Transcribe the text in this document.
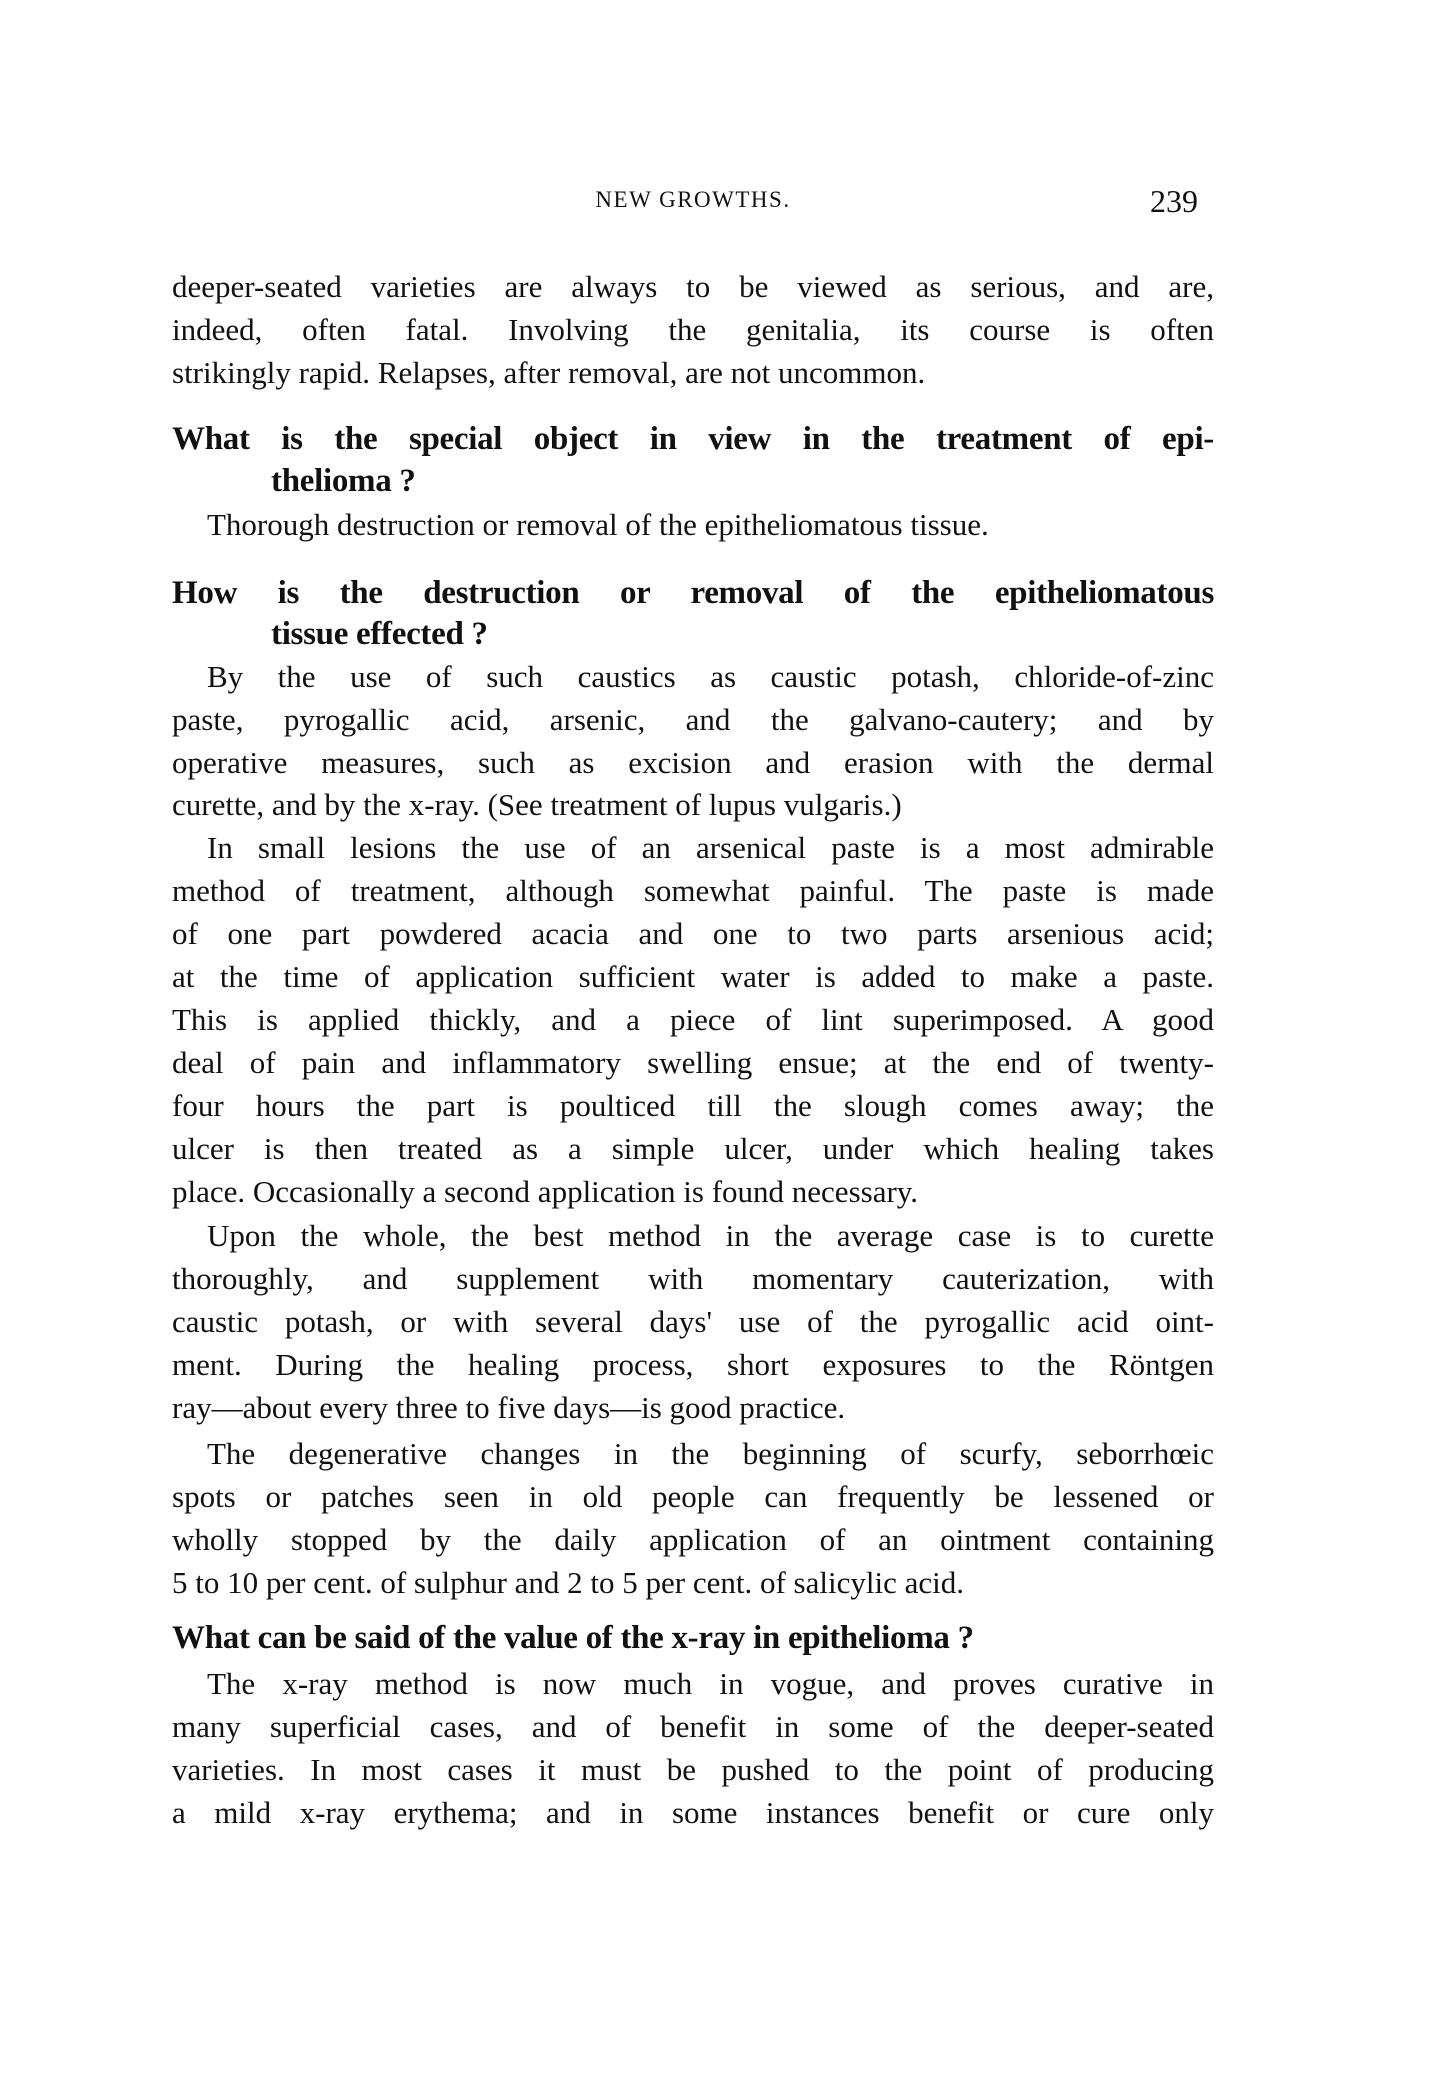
NEW GROWTHS.	239
deeper-seated varieties are always to be viewed as serious, and are,
indeed, often fatal. Involving the genitalia, its course is often
strikingly rapid. Relapses, after removal, are not uncommon.
What is the special object in view in the treatment of epi-
thelioma ?
Thorough destruction or removal of the epitheliomatous tissue.
How is the destruction or removal of the epitheliomatous
tissue effected ?
By the use of such caustics as caustic potash, chloride-of-zinc
paste, pyrogallic acid, arsenic, and the galvano-cautery; and by
operative measures, such as excision and erasion with the dermal
curette, and by the x-ray. (See treatment of lupus vulgaris.)
In small lesions the use of an arsenical paste is a most admirable
method of treatment, although somewhat painful. The paste is made
of one part powdered acacia and one to two parts arsenious acid;
at the time of application sufficient water is added to make a paste.
This is applied thickly, and a piece of lint superimposed. A good
deal of pain and inflammatory swelling ensue; at the end of twenty-
four hours the part is poulticed till the slough comes away; the
ulcer is then treated as a simple ulcer, under which healing takes
place. Occasionally a second application is found necessary.
Upon the whole, the best method in the average case is to curette
thoroughly, and supplement with momentary cauterization, with
caustic potash, or with several days' use of the pyrogallic acid oint-
ment. During the healing process, short exposures to the Röntgen
ray—about every three to five days—is good practice.
The degenerative changes in the beginning of scurfy, seborrhœic
spots or patches seen in old people can frequently be lessened or
wholly stopped by the daily application of an ointment containing
5 to 10 per cent. of sulphur and 2 to 5 per cent. of salicylic acid.
What can be said of the value of the x-ray in epithelioma ?
The x-ray method is now much in vogue, and proves curative in
many superficial cases, and of benefit in some of the deeper-seated
varieties. In most cases it must be pushed to the point of producing
a mild x-ray erythema; and in some instances benefit or cure only
